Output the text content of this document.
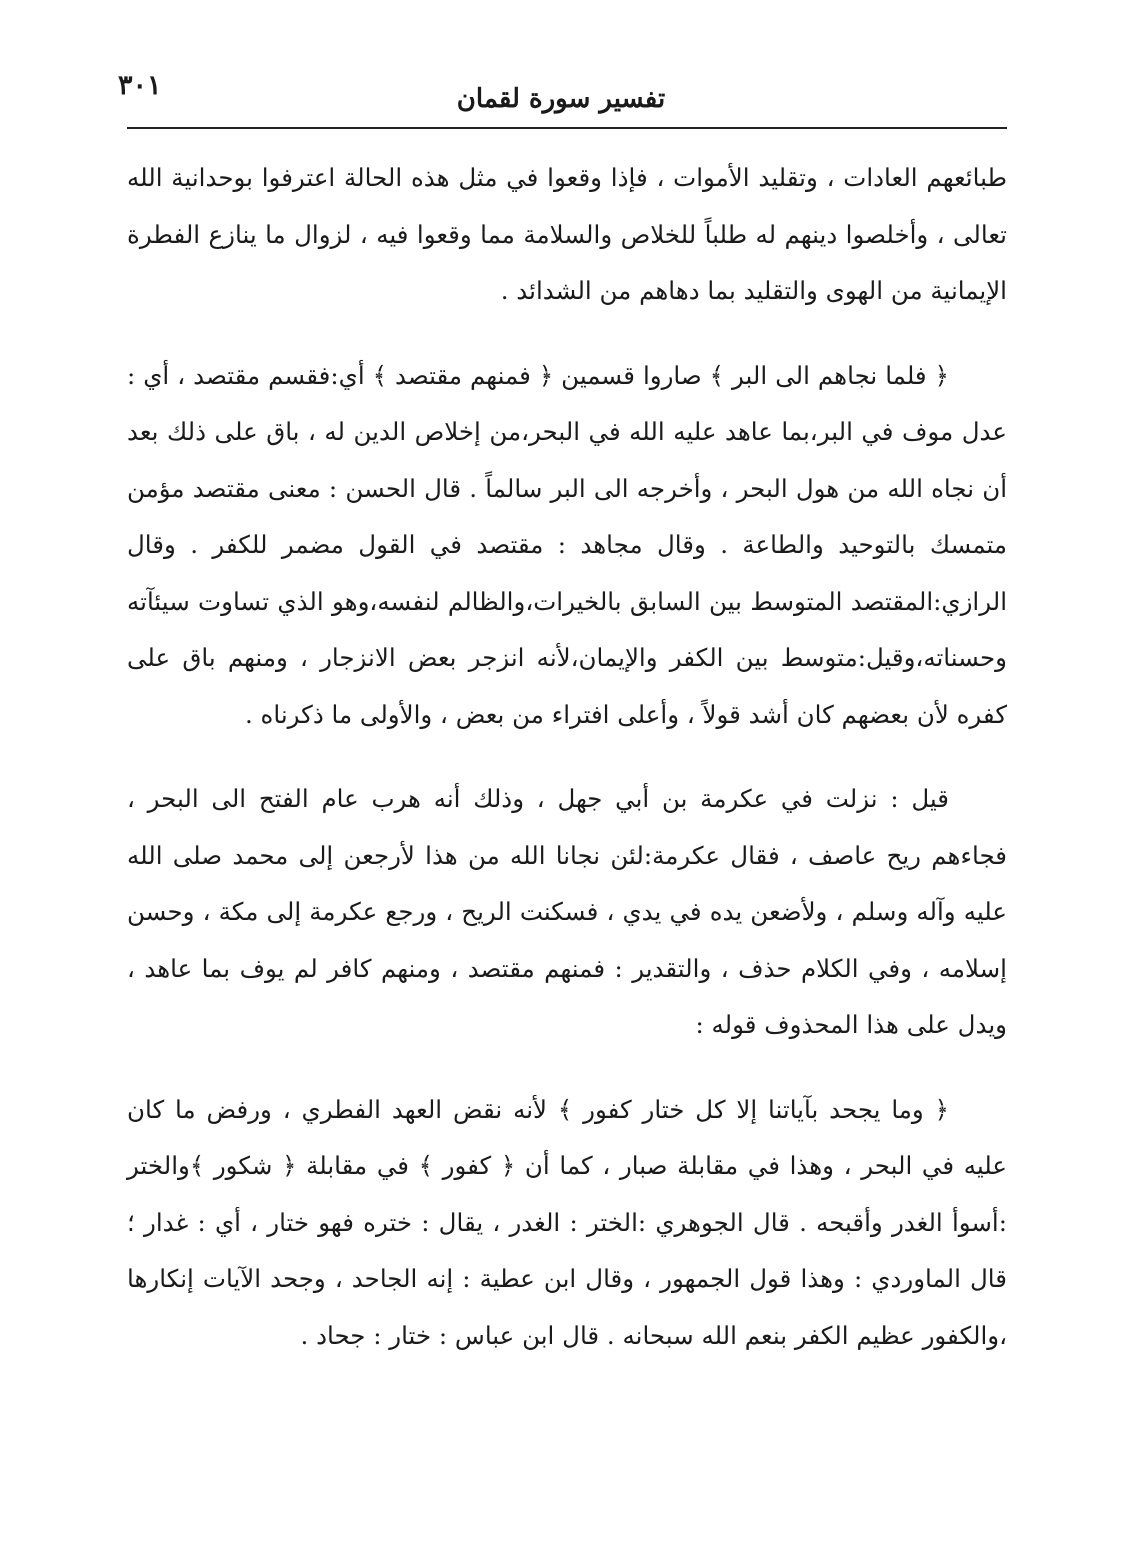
٣٠١	تفسير سورة لقمان

طبائعهم العادات ، وتقليد الأموات ، فإذا وقعوا في مثل هذه الحالة اعترفوا بوحدانية الله تعالى ، وأخلصوا دينهم له طلباً للخلاص والسلامة مما وقعوا فيه ، لزوال ما ينازع الفطرة الإيمانية من الهوى والتقليد بما دهاهم من الشدائد .

﴿ فلما نجاهم الى البر ﴾ صاروا قسمين ﴿ فمنهم مقتصد ﴾ أي:فقسم مقتصد ، أي : عدل موف في البر،بما عاهد عليه الله في البحر،من إخلاص الدين له ، باق على ذلك بعد أن نجاه الله من هول البحر ، وأخرجه الى البر سالماً . قال الحسن : معنى مقتصد مؤمن متمسك بالتوحيد والطاعة . وقال مجاهد : مقتصد في القول مضمر للكفر . وقال الرازي:المقتصد المتوسط بين السابق بالخيرات،والظالم لنفسه،وهو الذي تساوت سيئآته وحسناته،وقيل:متوسط بين الكفر والإيمان،لأنه انزجر بعض الانزجار ، ومنهم باق على كفره لأن بعضهم كان أشد قولاً ، وأعلى افتراء من بعض ، والأولى ما ذكرناه .

قيل : نزلت في عكرمة بن أبي جهل ، وذلك أنه هرب عام الفتح الى البحر ، فجاءهم ريح عاصف ، فقال عكرمة:لئن نجانا الله من هذا لأرجعن إلى محمد صلى الله عليه وآله وسلم ، ولأضعن يده في يدي ، فسكنت الريح ، ورجع عكرمة إلى مكة ، وحسن إسلامه ، وفي الكلام حذف ، والتقدير : فمنهم مقتصد ، ومنهم كافر لم يوف بما عاهد ، ويدل على هذا المحذوف قوله :

﴿ وما يجحد بآياتنا إلا كل ختار كفور ﴾ لأنه نقض العهد الفطري ، ورفض ما كان عليه في البحر ، وهذا في مقابلة صبار ، كما أن ﴿ كفور ﴾ في مقابلة ﴿ شكور ﴾والختر :أسوأ الغدر وأقبحه . قال الجوهري :الختر : الغدر ، يقال : ختره فهو ختار ، أي : غدار ؛ قال الماوردي : وهذا قول الجمهور ، وقال ابن عطية : إنه الجاحد ، وجحد الآيات إنكارها ،والكفور عظيم الكفر بنعم الله سبحانه . قال ابن عباس : ختار : جحاد .
